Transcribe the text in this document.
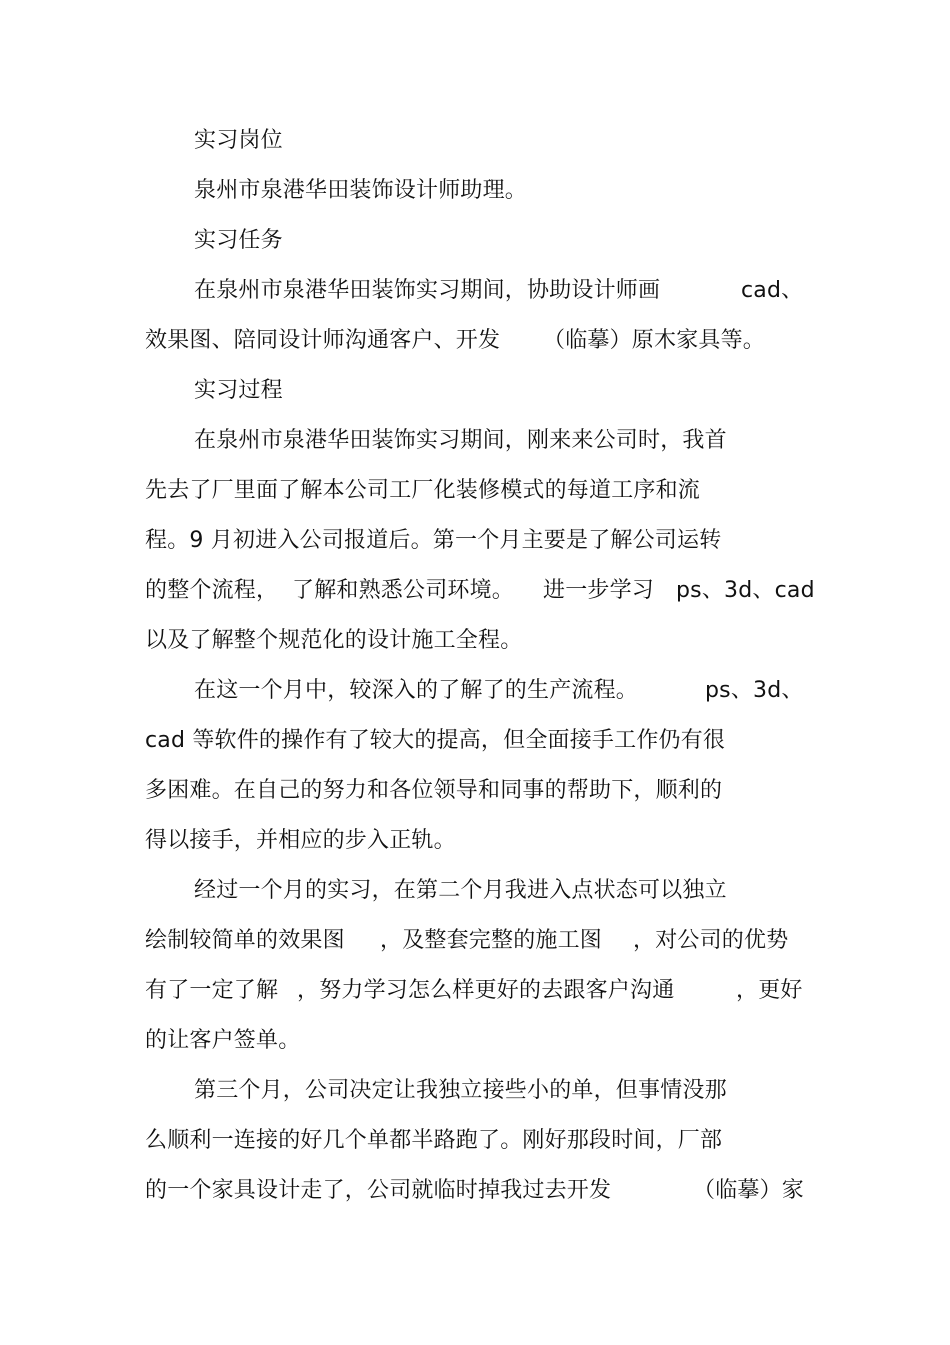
实习岗位
泉州市泉港华田装饰设计师助理。
实习任务
在泉州市泉港华田装饰实习期间，协助设计师画	cad、
效果图、陪同设计师沟通客户、开发 （临摹）原木家具等。
实习过程
在泉州市泉港华田装饰实习期间，刚来来公司时，我首
先去了厂里面了解本公司工厂化装修模式的每道工序和流
程。9 月初进入公司报道后。第一个月主要是了解公司运转
的整个流程， 了解和熟悉公司环境。 进一步学习 ps、3d、cad
以及了解整个规范化的设计施工全程。
在这一个月中，较深入的了解了的生产流程。	ps、3d、
cad 等软件的操作有了较大的提高，但全面接手工作仍有很
多困难。在自己的努力和各位领导和同事的帮助下，顺利的
得以接手，并相应的步入正轨。
经过一个月的实习，在第二个月我进入点状态可以独立
绘制较简单的效果图 ，及整套完整的施工图 ，对公司的优势
有了一定了解 ，努力学习怎么样更好的去跟客户沟通	，更好
的让客户签单。
第三个月，公司决定让我独立接些小的单，但事情没那
么顺利一连接的好几个单都半路跑了。刚好那段时间，厂部
的一个家具设计走了，公司就临时掉我过去开发	（临摹）家
